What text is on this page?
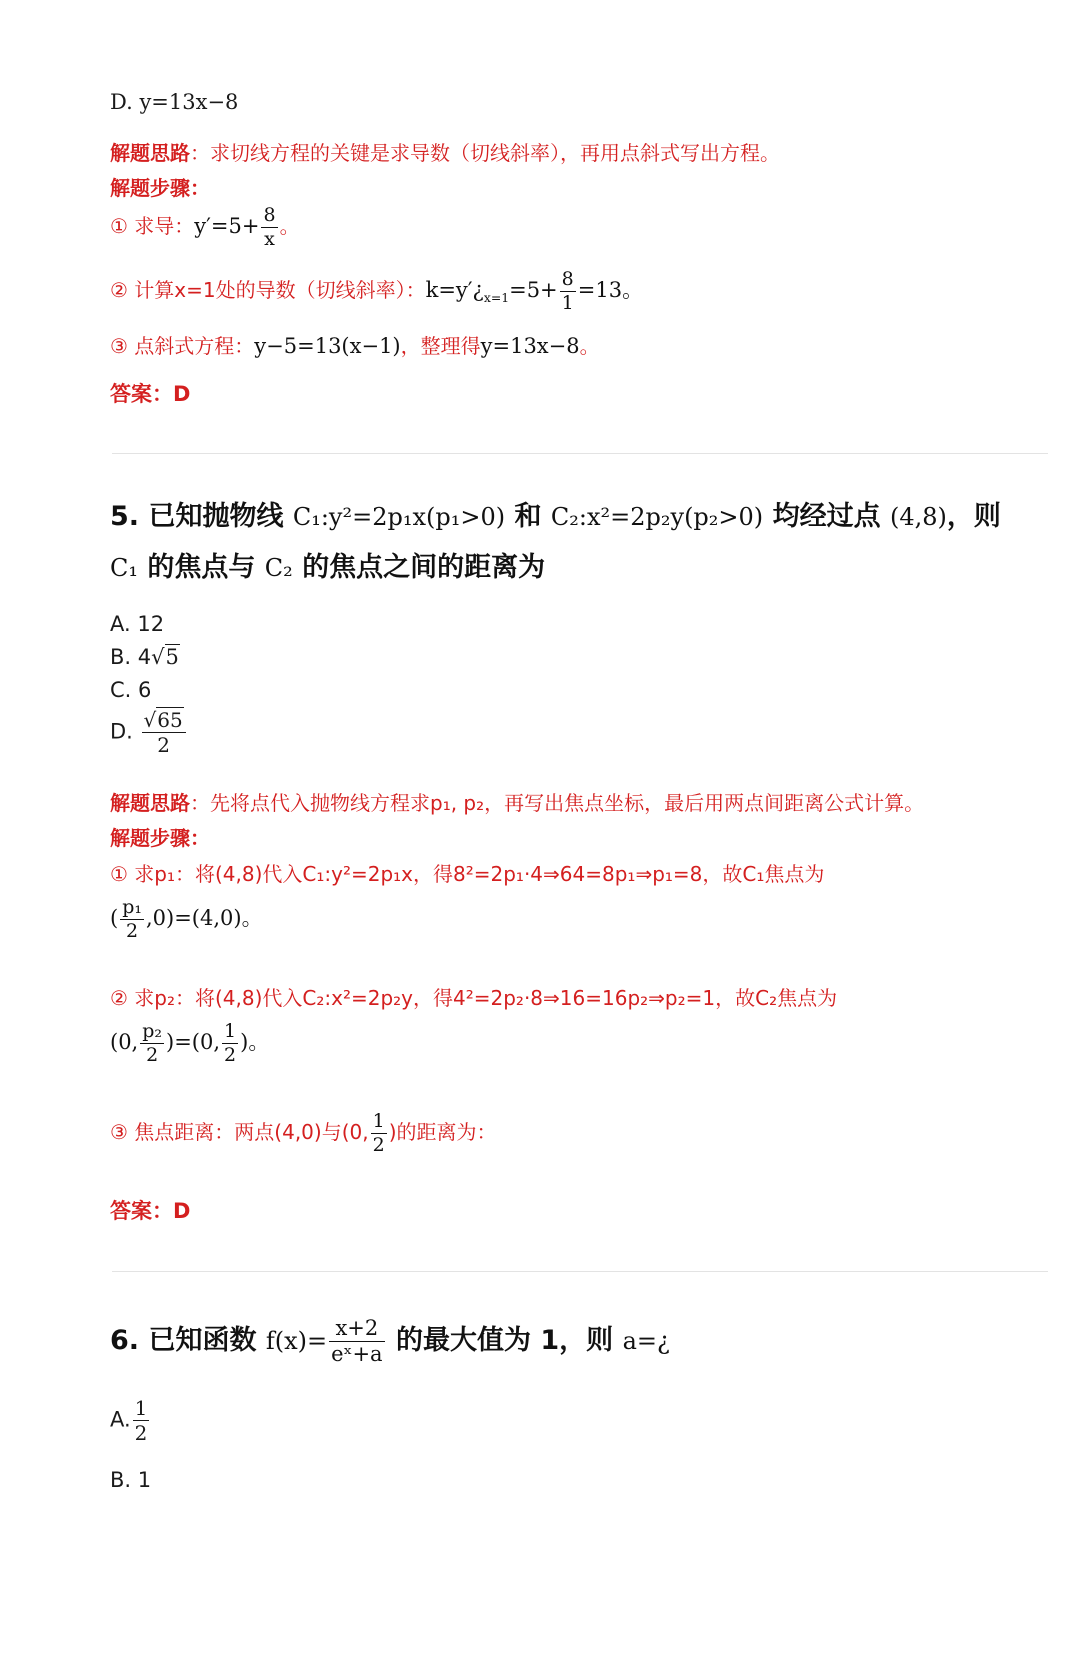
D. y=13x−8
解题思路：求切线方程的关键是求导数（切线斜率），再用点斜式写出方程。
解题步骤：
① 求导：$y'=5+ \frac{8}{x}$ 。
② 计算x=1处的导数（切线斜率）：$k=y'¿_{x=1}=5+ \frac{8}{1} =13$。
③ 点斜式方程：y−5=13(x−1)，整理得y=13x−8。
答案：D
5. 已知抛物线 C₁:y²=2p₁x(p₁>0) 和 C₂:x²=2p₂y(p₂>0) 均经过点 (4,8)，则
C₁ 的焦点与 C₂ 的焦点之间的距离为
A. 12
B. 4√5
C. 6
D. $\frac{√65}{2}$
解题思路：先将点代入抛物线方程求p₁, p₂，再写出焦点坐标，最后用两点间距离公式计算。
解题步骤：
① 求p₁：将(4,8)代入C₁:y²=2p₁x，得8²=2p₁·4⇒64=8p₁⇒p₁=8，故C₁焦点为
( $\frac{\text{p₁}}{2} ,0)=(4,0)$。
② 求p₂：将(4,8)代入C₂:x²=2p₂y，得4²=2p₂·8⇒16=16p₂⇒p₂=1，故C₂焦点为
(0, $\frac{\text{p₂}}{2} )=(0$, $\frac{1}{2}$ )。
③ 焦点距离：两点(4,0)与(0, $\frac{1}{2}$ )的距离为：
答案：D
6. 已知函数 $f(x)= \frac{x+2}{\text{eˣ+a}}$ 的最大值为 1，则 a=¿
A. $\frac{1}{2}$
B. 1
